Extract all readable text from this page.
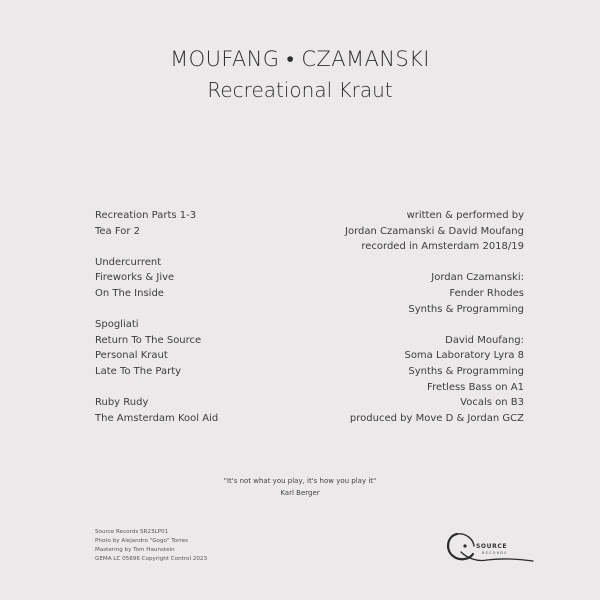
MOUFANG • CZAMANSKI
Recreational Kraut
Recreation Parts 1-3
Tea For 2
Undercurrent
Fireworks & Jive
On The Inside
Spogliati
Return To The Source
Personal Kraut
Late To The Party
Ruby Rudy
The Amsterdam Kool Aid
written & performed by
Jordan Czamanski & David Moufang
recorded in Amsterdam 2018/19
Jordan Czamanski:
Fender Rhodes
Synths & Programming
David Moufang:
Soma Laboratory Lyra 8
Synths & Programming
Fretless Bass on A1
Vocals on B3
produced by Move D & Jordan GCZ
"It's not what you play, it's how you play it"
Karl Berger
Source Records SR23LP01
Photo by Alejandro "Gogo" Torres
Mastering by Tom Haunstein
GEMA LC 05696 Copyright Control 2023
SOURCE
RECORDS
